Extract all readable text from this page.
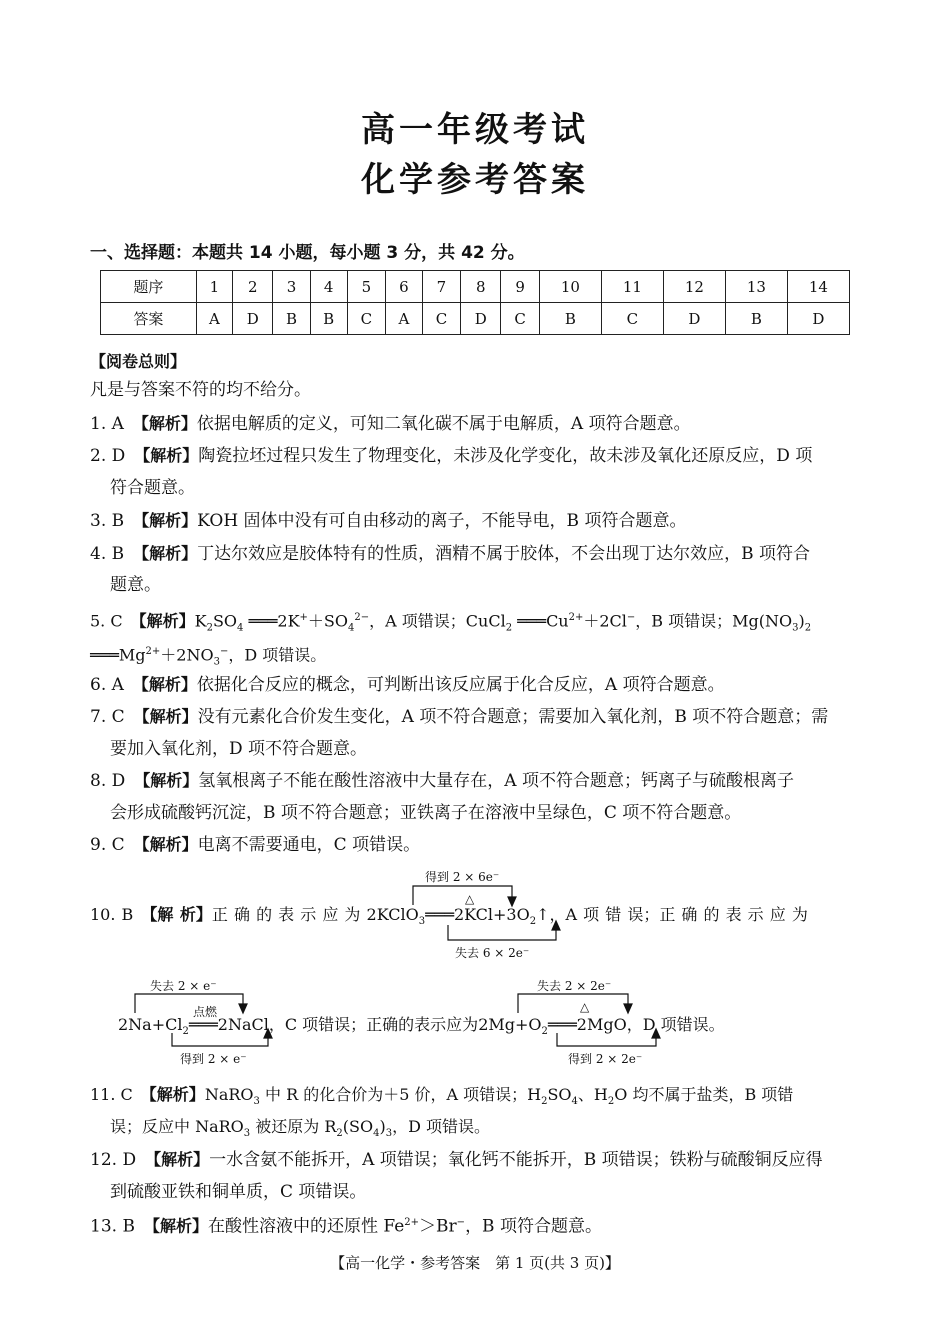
高一年级考试
化学参考答案
一、选择题：本题共 14 小题，每小题 3 分，共 42 分。
题序	1	2	3	4	5	6	7	8	9	10	11	12	13	14
答案	A	D	B	B	C	A	C	D	C	B	C	D	B	D
【阅卷总则】
凡是与答案不符的均不给分。
1. A　 【解析】依据电解质的定义，可知二氧化碳不属于电解质，A 项符合题意。
2. D　 【解析】陶瓷拉坯过程只发生了物理变化，未涉及化学变化，故未涉及氧化还原反应，D 项
符合题意。
3. B　 【解析】KOH 固体中没有可自由移动的离子，不能导电，B 项符合题意。
4. B　 【解析】丁达尔效应是胶体特有的性质，酒精不属于胶体，不会出现丁达尔效应，B 项符合
题意。
5. C　 【解析】$K_2SO_4$ $═══2K^++SO_4^{2-}$，A 项错误；CuCl$_2$ $═══Cu^{2+}+2Cl^-$，B 项错误；$Mg(NO_3)_2$
$═══Mg^{2+}+2NO_3^-$，D 项错误。
6. A　 【解析】依据化合反应的概念，可判断出该反应属于化合反应，A 项符合题意。
7. C　 【解析】没有元素化合价发生变化，A 项不符合题意；需要加入氧化剂，B 项不符合题意；需
要加入氧化剂，D 项不符合题意。
8. D　 【解析】氢氧根离子不能在酸性溶液中大量存在，A 项不符合题意；钙离子与硫酸根离子
会形成硫酸钙沉淀，B 项不符合题意；亚铁离子在溶液中呈绿色，C 项不符合题意。
9. C　 【解析】电离不需要通电，C 项错误。
得到 2 × 6e⁻
失去 6 × 2e⁻
△
10. B　 【解 析】正 确 的 表 示 应 为 $2KClO_3═══2KCl+3O_2↑$，A 项 错 误；正 确 的 表 示 应 为
失去 2 × e⁻
点燃
得到 2 × e⁻
失去 2 × 2e⁻
△
得到 2 × 2e⁻
$2Na+Cl_2═══2NaCl$，C 项错误；正确的表示应为$2Mg+O_2═══2MgO$，D 项错误。
11. C　 【解析】NaRO$_3$ 中 R 的化合价为＋5 价，A 项错误；$H_2SO_4$、$H_2O$ 均不属于盐类，B 项错
误；反应中 NaRO$_3$ 被还原为 $R_2(SO_4)_3$，D 项错误。
12. D　 【解析】一水含氨不能拆开，A 项错误；氧化钙不能拆开，B 项错误；铁粉与硫酸铜反应得
到硫酸亚铁和铜单质，C 项错误。
13. B　 【解析】在酸性溶液中的还原性 $Fe^{2+}>Br^-$，B 项符合题意。
【高一化学・参考答案　第 1 页(共 3 页)】
